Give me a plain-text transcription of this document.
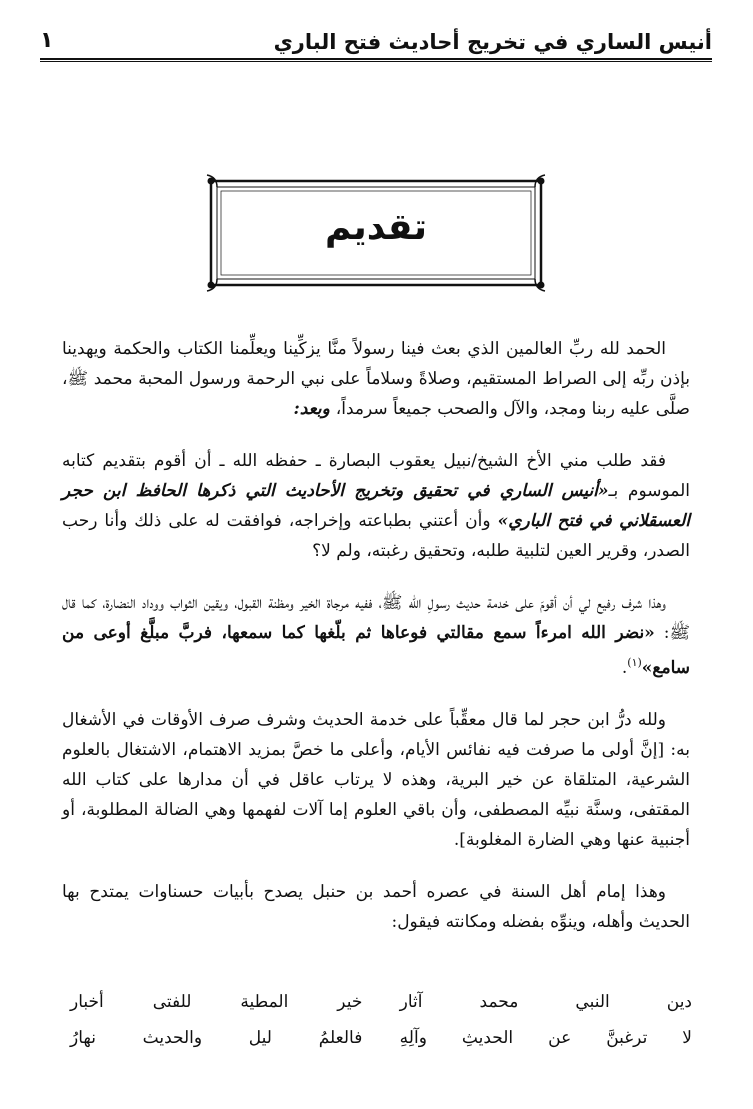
أنيس الساري في تخريج أحاديث فتح الباري
١
تقديم

الحمد لله ربِّ العالمين الذي بعث فينا رسولاً منَّا يزكِّينا ويعلِّمنا الكتاب والحكمة ويهدينا بإذن ربِّه إلى الصراط المستقيم، وصلاةً وسلاماً على نبي الرحمة ورسول المحبة محمد ﷺ، صلَّى عليه ربنا ومجد، والآل والصحب جميعاً سرمداً، وبعد:

فقد طلب مني الأخ الشيخ/نبيل يعقوب البصارة ـ حفظه الله ـ أن أقوم بتقديم كتابه الموسوم بـ«أنيس الساري في تحقيق وتخريج الأحاديث التي ذكرها الحافظ ابن حجر العسقلاني في فتح الباري» وأن أعتني بطباعته وإخراجه، فوافقت له على ذلك وأنا رحب الصدر، وقرير العين لتلبية طلبه، وتحقيق رغبته، ولم لا؟

وهذا شرف رفيع لي أن أقومَ على خدمة حديث رسولِ الله ﷺ، ففيه مرجاة الخير ومظنة القبول، ويقين الثواب ووداد النضارة، كما قال ﷺ: «نضر الله امرءاً سمع مقالتي فوعاها ثم بلّغها كما سمعها، فربَّ مبلَّغ أوعى من سامع»$^{(١)}$.

ولله درُّ ابن حجر لما قال معقِّباً على خدمة الحديث وشرف صرف الأوقات في الأشغال به: [إنَّ أولى ما صرفت فيه نفائس الأيام، وأعلى ما خصَّ بمزيد الاهتمام، الاشتغال بالعلوم الشرعية، المتلقاة عن خير البرية، وهذه لا يرتاب عاقل في أن مدارها على كتاب الله المقتفى، وسنَّة نبيِّه المصطفى، وأن باقي العلوم إما آلات لفهمها وهي الضالة المطلوبة، أو أجنبية عنها وهي الضارة المغلوبة].

وهذا إمام أهل السنة في عصره أحمد بن حنبل يصدح بأبيات حسناوات يمتدح بها الحديث وأهله، وينوِّه بفضله ومكانته فيقول:

دين النبي محمد آثار
خير المطية للفتى أخبار
لا ترغبنَّ عن الحديثِ وآلِهِ
فالعلمُ ليل والحديث نهارُ
